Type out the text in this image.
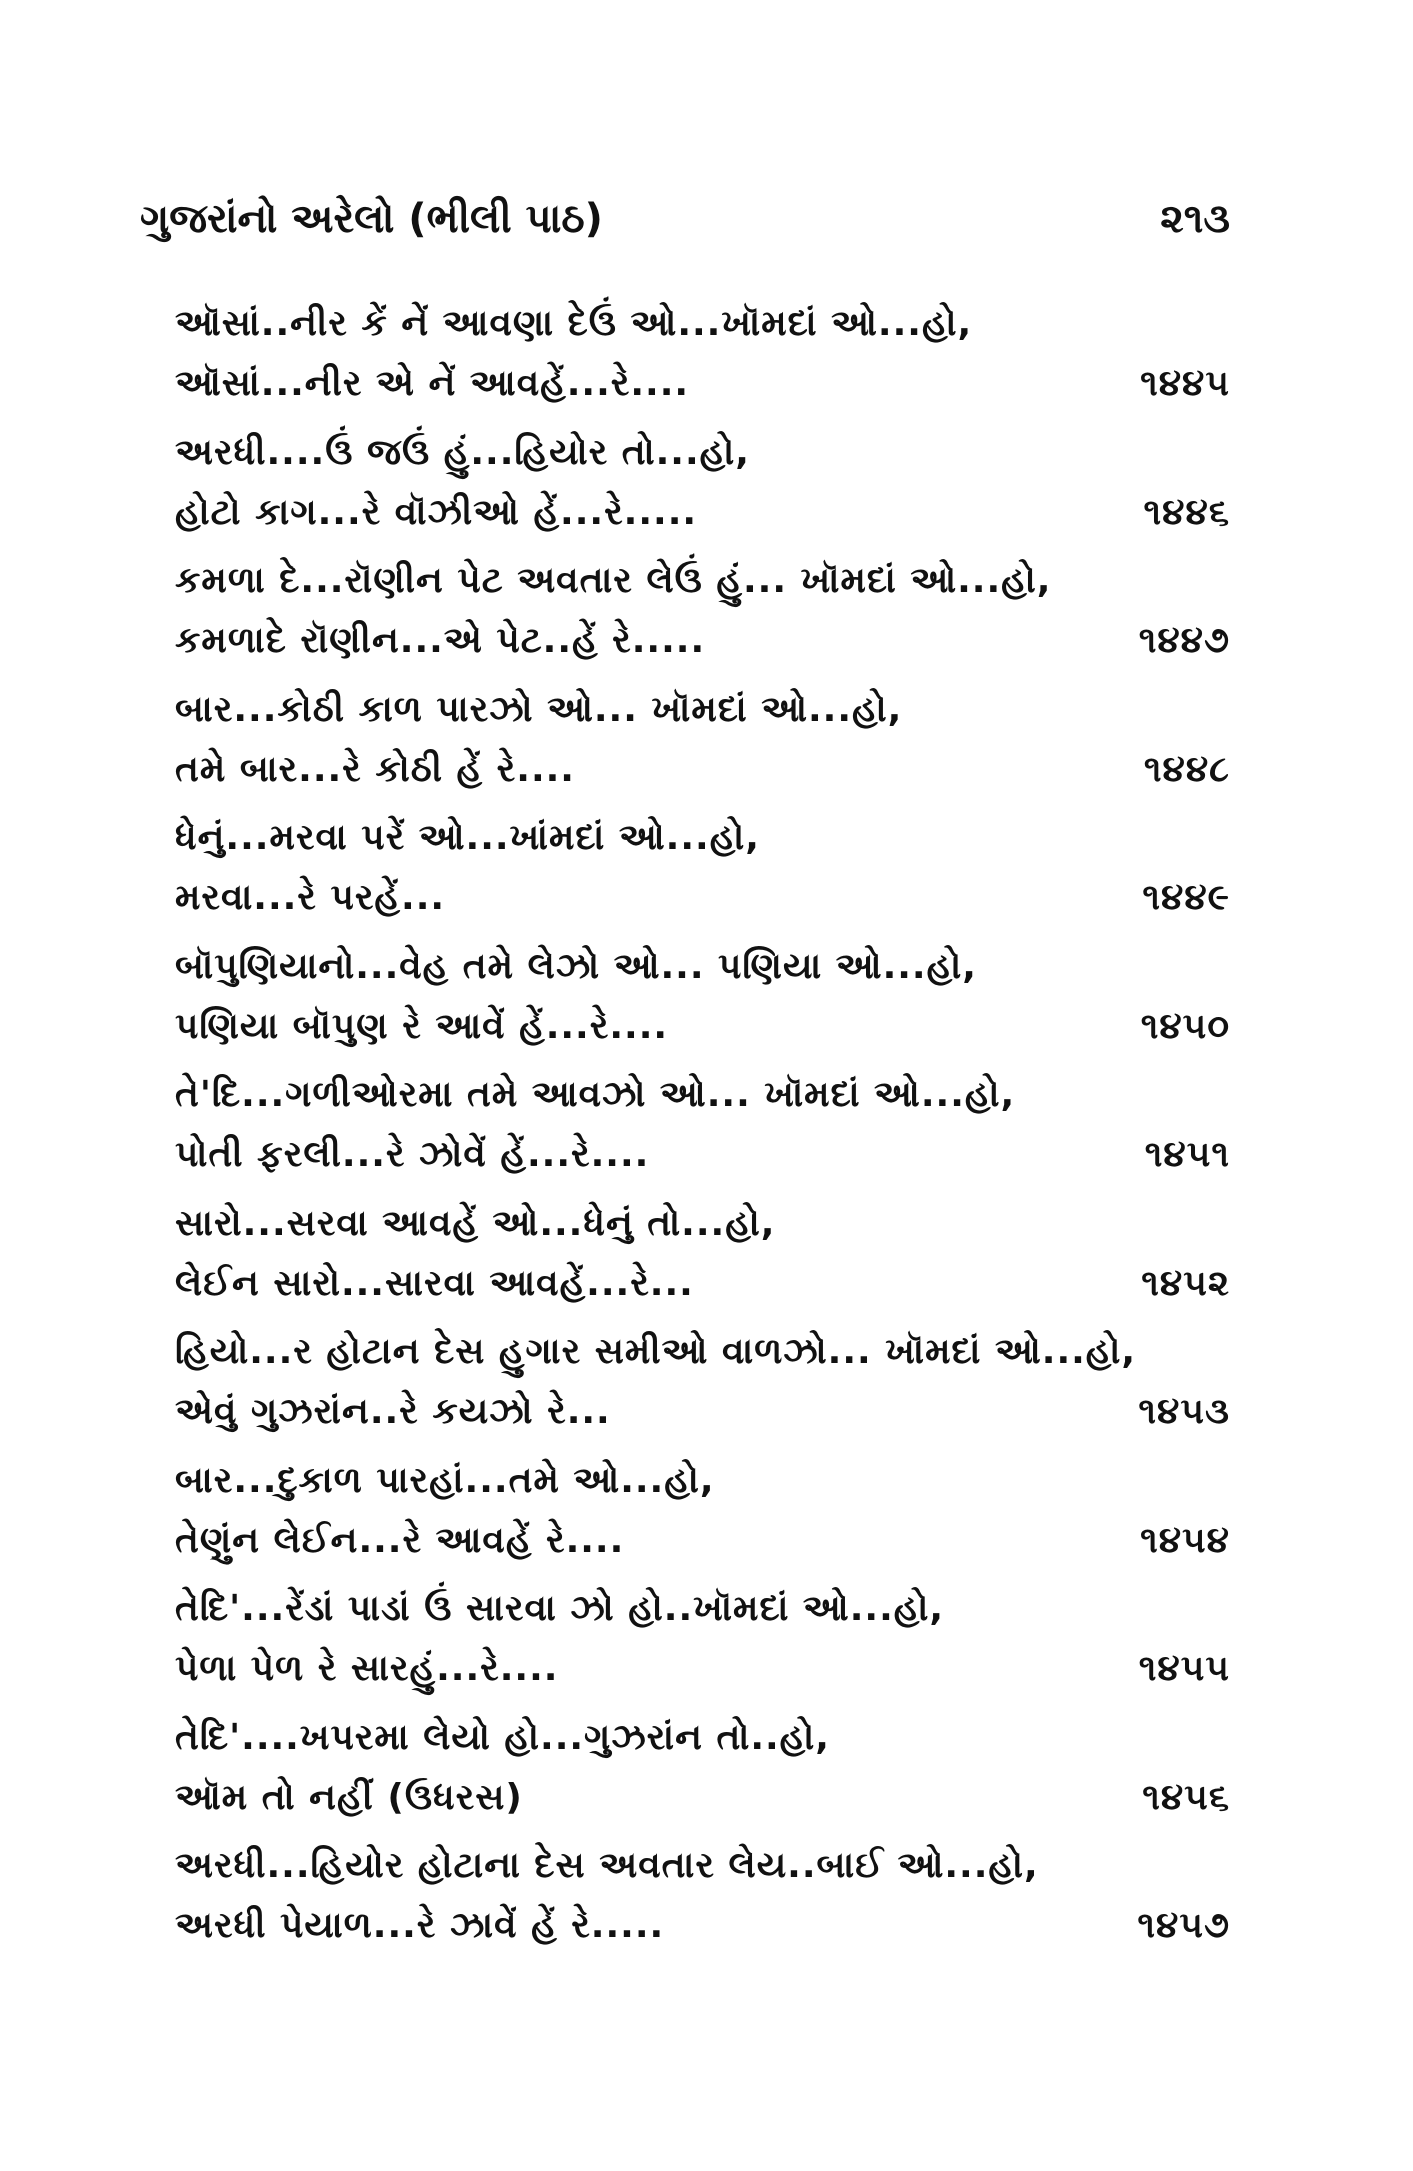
ગુજરાંનો અરેલો (ભીલી પાઠ)	૨૧૩
ઑસાં..નીર કેં નેં આવણા દેઉં ઓ...ખૉમદાં ઓ...હો,
ઑસાં...નીર એ નેં આવહેં...રે....	૧૪૪૫
અરધી....ઉં જઉં હું...હિયોર તો...હો,
હોટો કાગ...રે વૉઝીઓ હેં...રે.....	૧૪૪૬
કમળા દે...રૉણીન પેટ અવતાર લેઉં હું... ખૉમદાં ઓ...હો,
કમળાદે રૉણીન...એ પેટ..હેં રે.....	૧૪૪૭
બાર...કોઠી કાળ પારઝો ઓ... ખૉમદાં ઓ...હો,
તમે બાર...રે કોઠી હેં રે....	૧૪૪૮
ધેનું...મરવા પરેં ઓ...ખાંમદાં ઓ...હો,
મરવા...રે પરહેં...	૧૪૪૯
બૉપુણિયાનો...વેહ તમે લેઝો ઓ... પણિયા ઓ...હો,
પણિયા બૉપુણ રે આવેં હેં...રે....	૧૪૫૦
તે'દિ...ગળીઓરમા તમે આવઝો ઓ... ખૉમદાં ઓ...હો,
પોતી ફરલી...રે ઝોવેં હેં...રે....	૧૪૫૧
સારો...સરવા આવહેં ઓ...ધેનું તો...હો,
લેઈન સારો...સારવા આવહેં...રે...	૧૪૫૨
હિયો...ર હોટાન દેસ હુગાર સમીઓ વાળઝો... ખૉમદાં ઓ...હો,
એવું ગુઝરાંન..રે કયઝો રે...	૧૪૫૩
બાર...દુકાળ પારહાં...તમે ઓ...હો,
તેણુંન લેઈન...રે આવહેં રે....	૧૪૫૪
તેદિ'...રેંડાં પાડાં ઉં સારવા ઝો હો..ખૉમદાં ઓ...હો,
પેળા પેળ રે સારહું...રે....	૧૪૫૫
તેદિ'....ખપરમા લેયો હો...ગુઝરાંન તો..હો,
ઑમ તો નહીં (ઉધરસ)	૧૪૫૬
અરધી...હિયોર હોટાના દેસ અવતાર લેય..બાઈ ઓ...હો,
અરધી પેયાળ...રે ઝાવેં હેં રે.....	૧૪૫૭
